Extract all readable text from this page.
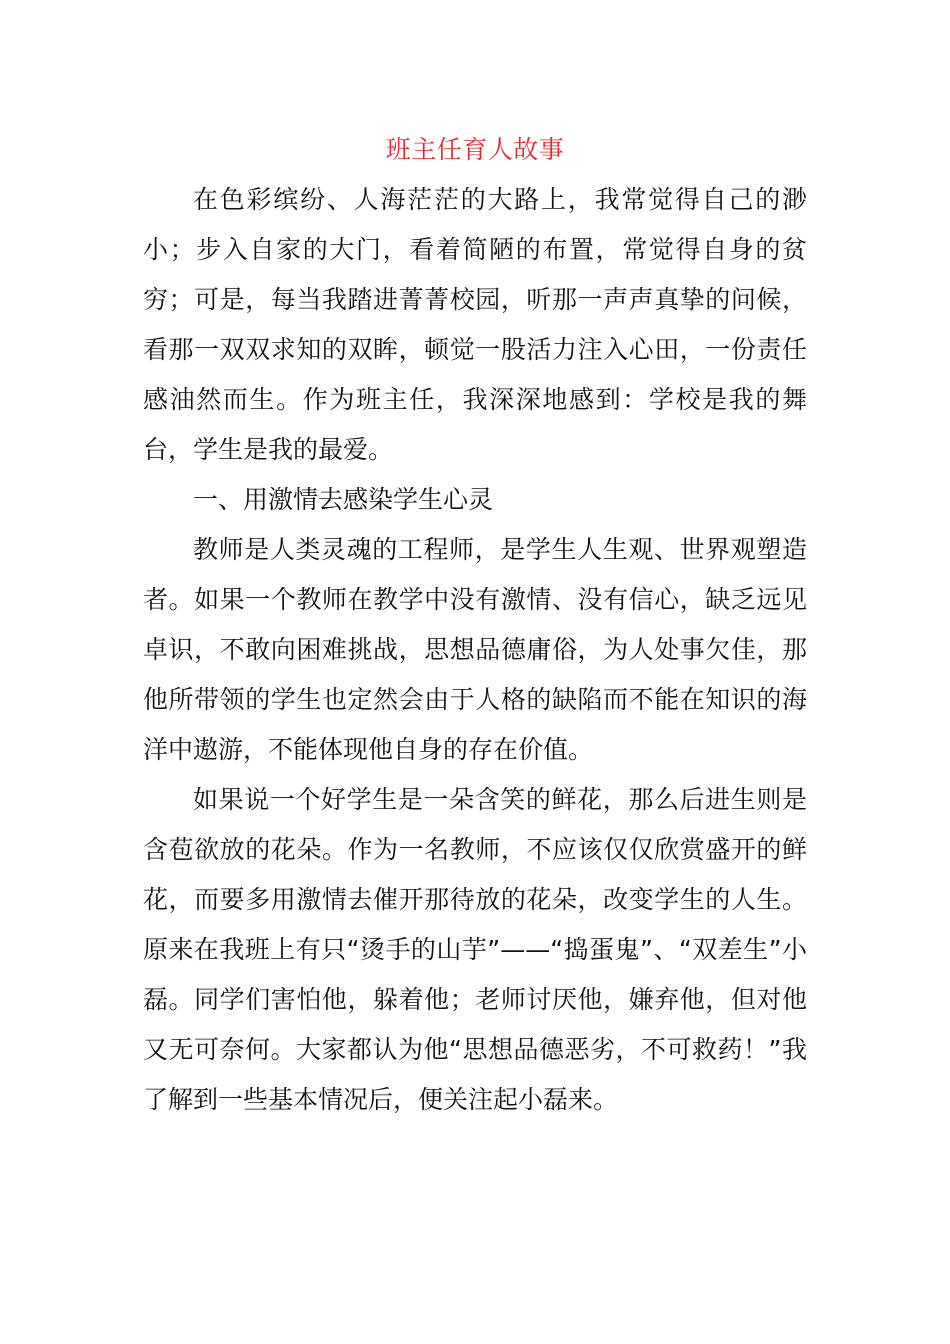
班主任育人故事

在色彩缤纷、人海茫茫的大路上，我常觉得自己的渺小；步入自家的大门，看着简陋的布置，常觉得自身的贫穷；可是，每当我踏进菁菁校园，听那一声声真挚的问候，看那一双双求知的双眸，顿觉一股活力注入心田，一份责任感油然而生。作为班主任，我深深地感到：学校是我的舞台，学生是我的最爱。

一、用激情去感染学生心灵

教师是人类灵魂的工程师，是学生人生观、世界观塑造者。如果一个教师在教学中没有激情、没有信心，缺乏远见卓识，不敢向困难挑战，思想品德庸俗，为人处事欠佳，那他所带领的学生也定然会由于人格的缺陷而不能在知识的海洋中遨游，不能体现他自身的存在价值。

如果说一个好学生是一朵含笑的鲜花，那么后进生则是含苞欲放的花朵。作为一名教师，不应该仅仅欣赏盛开的鲜花，而要多用激情去催开那待放的花朵，改变学生的人生。原来在我班上有只“烫手的山芋”——“捣蛋鬼”、“双差生”小磊。同学们害怕他，躲着他；老师讨厌他，嫌弃他，但对他又无可奈何。大家都认为他“思想品德恶劣，不可救药！”我了解到一些基本情况后，便关注起小磊来。
